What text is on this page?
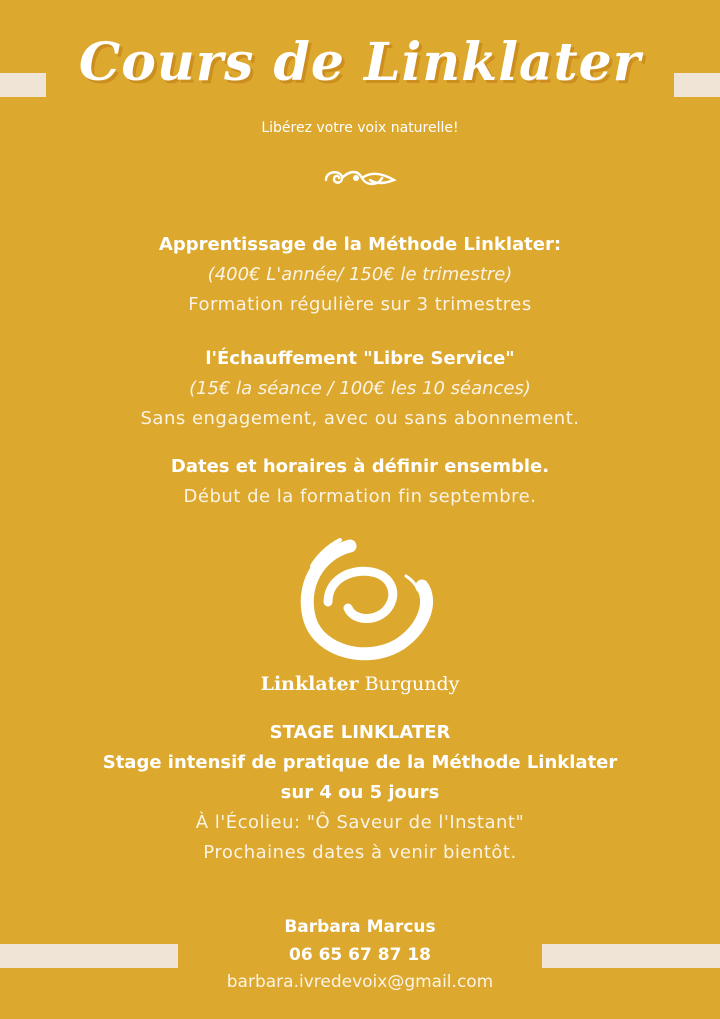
Cours de Linklater
Libérez votre voix naturelle!
Apprentissage de la Méthode Linklater:
(400€ L'année/ 150€ le trimestre)
Formation régulière sur 3 trimestres
l'Échauffement "Libre Service"
(15€ la séance / 100€ les 10 séances)
Sans engagement, avec ou sans abonnement.
Dates et horaires à définir ensemble.
Début de la formation fin septembre.
Linklater Burgundy
STAGE LINKLATER
Stage intensif de pratique de la Méthode Linklater
sur 4 ou 5 jours
À l'Écolieu: "Ô Saveur de l'Instant"
Prochaines dates à venir bientôt.
Barbara Marcus
06 65 67 87 18
barbara.ivredevoix@gmail.com
